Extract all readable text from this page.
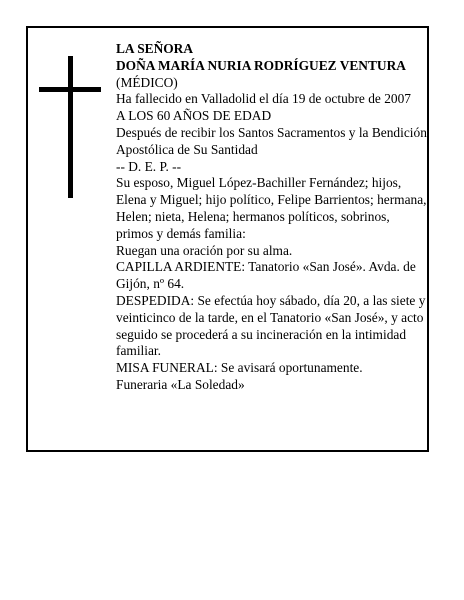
LA SEÑORA

DOÑA MARÍA NURIA RODRÍGUEZ VENTURA

(MÉDICO)

Ha fallecido en Valladolid el día 19 de octubre de 2007

A LOS 60 AÑOS DE EDAD

Después de recibir los Santos Sacramentos y la Bendición Apostólica de Su Santidad

-- D. E. P. --

Su esposo, Miguel López-Bachiller Fernández; hijos, Elena y Miguel; hijo político, Felipe Barrientos; hermana, Helen; nieta, Helena; hermanos políticos, sobrinos, primos y demás familia:

Ruegan una oración por su alma.

CAPILLA ARDIENTE: Tanatorio «San José». Avda. de Gijón, nº 64.

DESPEDIDA: Se efectúa hoy sábado, día 20, a las siete y veinticinco de la tarde, en el Tanatorio «San José», y acto seguido se procederá a su incineración en la intimidad familiar.

MISA FUNERAL: Se avisará oportunamente.

Funeraria «La Soledad»
